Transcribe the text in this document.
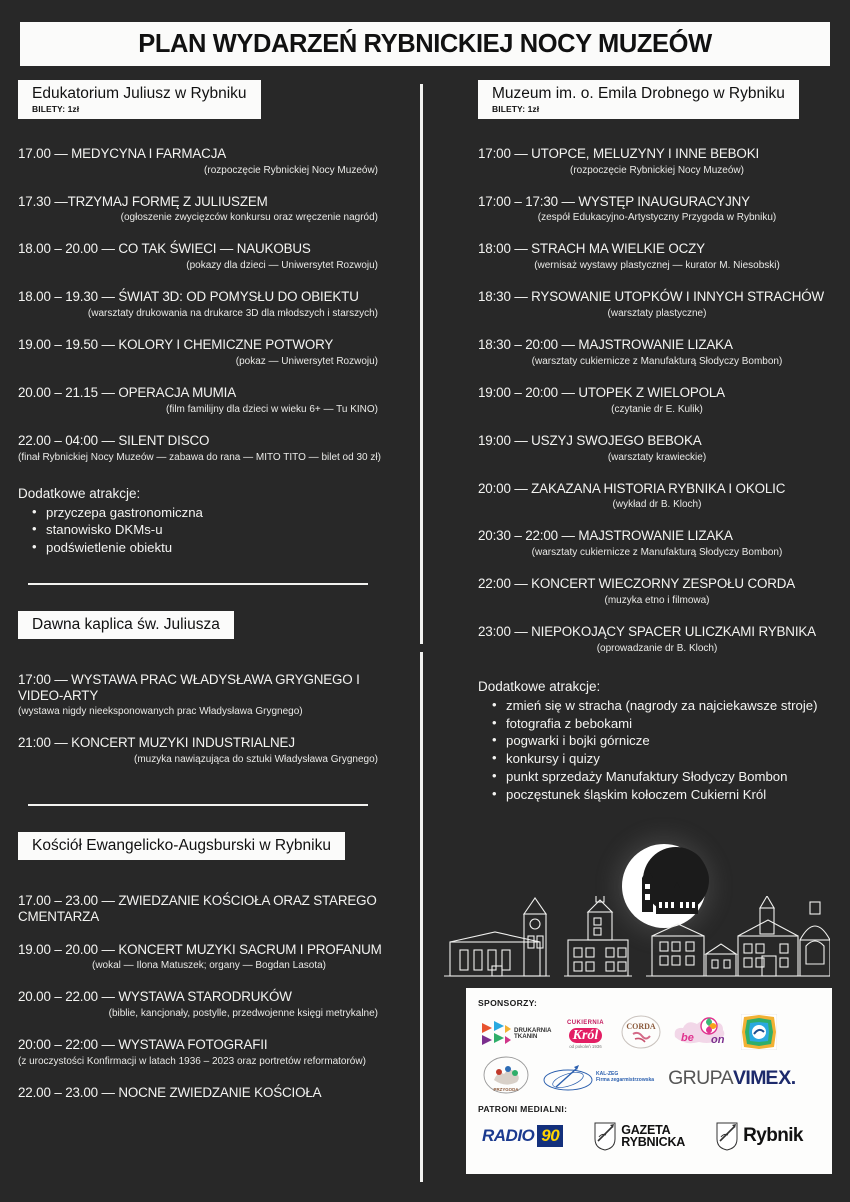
PLAN WYDARZEŃ RYBNICKIEJ NOCY MUZEÓW
Edukatorium Juliusz w Rybniku
BILETY: 1zł
17.00 — MEDYCYNA I FARMACJA
(rozpoczęcie Rybnickiej Nocy Muzeów)
17.30 —TRZYMAJ FORMĘ Z JULIUSZEM
(ogłoszenie zwycięzców konkursu oraz wręczenie nagród)
18.00 – 20.00 — CO TAK ŚWIECI — NAUKOBUS
(pokazy dla dzieci — Uniwersytet Rozwoju)
18.00 – 19.30 — ŚWIAT 3D: OD POMYSŁU DO OBIEKTU
(warsztaty drukowania na drukarce 3D dla młodszych i starszych)
19.00 – 19.50 — KOLORY I CHEMICZNE POTWORY
(pokaz — Uniwersytet Rozwoju)
20.00 – 21.15 — OPERACJA MUMIA
(film familijny dla dzieci w wieku 6+ — Tu KINO)
22.00 – 04:00 — SILENT DISCO
(finał Rybnickiej Nocy Muzeów — zabawa do rana — MITO TITO — bilet od 30 zł)
Dodatkowe atrakcje:
• przyczepa gastronomiczna
• stanowisko DKMs-u
• podświetlenie obiektu
Dawna kaplica św. Juliusza
17:00 — WYSTAWA PRAC WŁADYSŁAWA GRYGNEGO I VIDEO-ARTY
(wystawa nigdy nieeksponowanych prac Władysława Grygnego)
21:00 — KONCERT MUZYKI INDUSTRIALNEJ
(muzyka nawiązująca do sztuki Władysława Grygnego)
Kościół Ewangelicko-Augsburski w Rybniku
17.00 – 23.00 — ZWIEDZANIE KOŚCIOŁA ORAZ STAREGO CMENTARZA
19.00 – 20.00 — KONCERT MUZYKI SACRUM I PROFANUM
(wokal — Ilona Matuszek; organy — Bogdan Lasota)
20.00 – 22.00 — WYSTAWA STARODRUKÓW
(biblie, kancjonały, postylle, przedwojenne księgi metrykalne)
20:00 – 22:00 — WYSTAWA FOTOGRAFII
(z uroczystości Konfirmacji w latach 1936 – 2023 oraz portretów reformatorów)
22.00 – 23.00 — NOCNE ZWIEDZANIE KOŚCIOŁA
Muzeum im. o. Emila Drobnego w Rybniku
BILETY: 1zł
17:00 — UTOPCE, MELUZYNY I INNE BEBOKI
(rozpoczęcie Rybnickiej Nocy Muzeów)
17:00 – 17:30 — WYSTĘP INAUGURACYJNY
(zespół Edukacyjno-Artystyczny Przygoda w Rybniku)
18:00 — STRACH MA WIELKIE OCZY
(wernisaż wystawy plastycznej — kurator M. Niesobski)
18:30 — RYSOWANIE UTOPKÓW I INNYCH STRACHÓW
(warsztaty plastyczne)
18:30 – 20:00 — MAJSTROWANIE LIZAKA
(warsztaty cukiernicze z Manufakturą Słodyczy Bombon)
19:00 – 20:00 — UTOPEK Z WIELOPOLA
(czytanie dr E. Kulik)
19:00 — USZYJ SWOJEGO BEBOKA
(warsztaty krawieckie)
20:00 — ZAKAZANA HISTORIA RYBNIKA I OKOLIC
(wykład dr B. Kloch)
20:30 – 22:00 — MAJSTROWANIE LIZAKA
(warsztaty cukiernicze z Manufakturą Słodyczy Bombon)
22:00 — KONCERT WIECZORNY ZESPOŁU CORDA
(muzyka etno i filmowa)
23:00 — NIEPOKOJĄCY SPACER ULICZKAMI RYBNIKA
(oprowadzanie dr B. Kloch)
Dodatkowe atrakcje:
• zmień się w stracha (nagrody za najciekawsze stroje)
• fotografia z bebokami
• pogwarki i bojki górnicze
• konkursy i quizy
• punkt sprzedaży Manufaktury Słodyczy Bombon
• poczęstunek śląskim kołoczem Cukierni Król
SPONSORZY:
DRUKARNIA
TKANIN
CUKIERNIA
Król
od pokoleń 1936
CORDA
be on
PRZYGODA
KAL-ZEG
Firma zegarmistrzowska GRUPAVIMƎX.
PATRONI MEDIALNI:
RADIO 90	GAZETA
RYBNICKA	Rybnik
